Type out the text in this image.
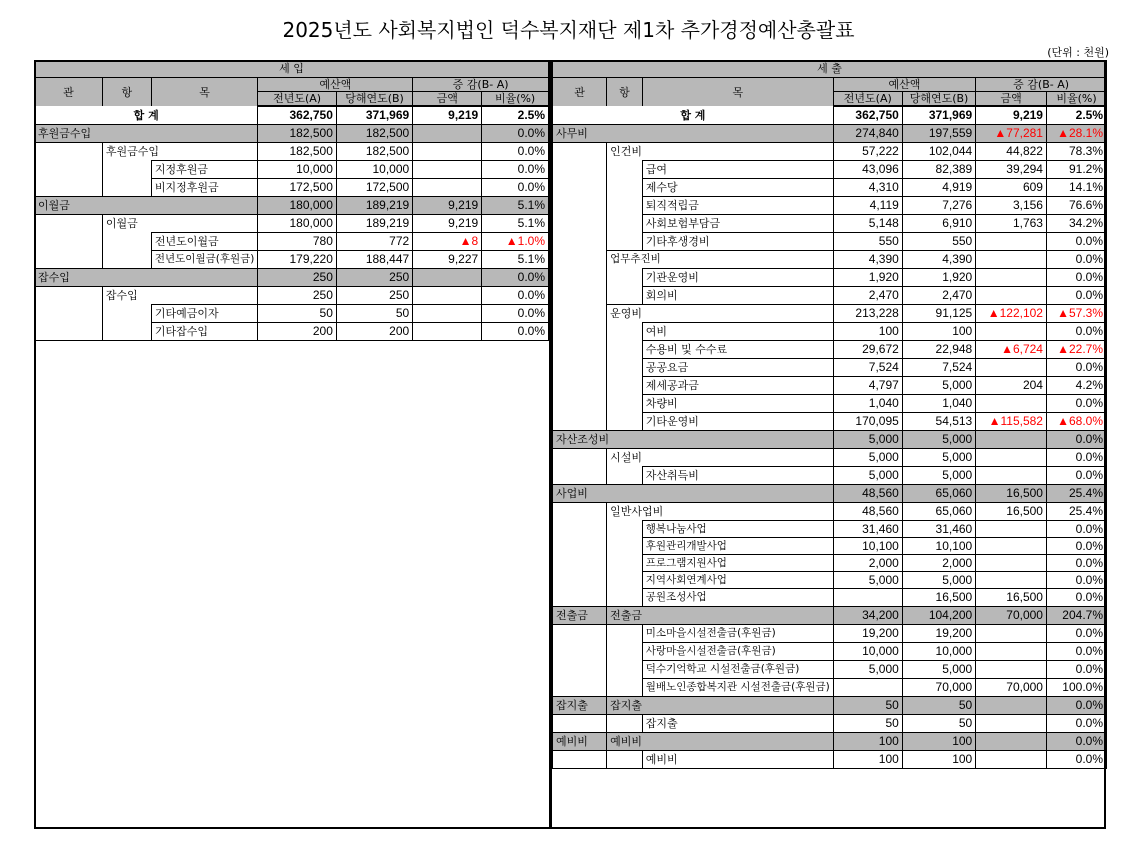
2025년도 사회복지법인 덕수복지재단 제1차 추가경정예산총괄표
(단위 : 천원)
세 입						
관	항	목	예산액		증 감(B- A)	
			전년도(A)	당해연도(B)	금액	비율(%)
합 계			362,750	371,969	9,219	2.5%
후원금수입			182,500	182,500		0.0%
	후원금수입		182,500	182,500		0.0%
		지정후원금	10,000	10,000		0.0%
		비지정후원금	172,500	172,500		0.0%
이월금			180,000	189,219	9,219	5.1%
	이월금		180,000	189,219	9,219	5.1%
		전년도이월금	780	772	▲8	▲1.0%
		전년도이월금(후원금)	179,220	188,447	9,227	5.1%
잡수입			250	250		0.0%
	잡수입		250	250		0.0%
		기타예금이자	50	50		0.0%
		기타잡수입	200	200		0.0%
세 출						
관	항	목	예산액		증 감(B- A)	
			전년도(A)	당해연도(B)	금액	비율(%)
합 계			362,750	371,969	9,219	2.5%
사무비			274,840	197,559	▲77,281	▲28.1%
	인건비		57,222	102,044	44,822	78.3%
		급여	43,096	82,389	39,294	91.2%
		제수당	4,310	4,919	609	14.1%
		퇴직적립금	4,119	7,276	3,156	76.6%
		사회보험부담금	5,148	6,910	1,763	34.2%
		기타후생경비	550	550		0.0%
	업무추진비		4,390	4,390		0.0%
		기관운영비	1,920	1,920		0.0%
		회의비	2,470	2,470		0.0%
	운영비		213,228	91,125	▲122,102	▲57.3%
		여비	100	100		0.0%
		수용비 및 수수료	29,672	22,948	▲6,724	▲22.7%
		공공요금	7,524	7,524		0.0%
		제세공과금	4,797	5,000	204	4.2%
		차량비	1,040	1,040		0.0%
		기타운영비	170,095	54,513	▲115,582	▲68.0%
자산조성비			5,000	5,000		0.0%
	시설비		5,000	5,000		0.0%
		자산취득비	5,000	5,000		0.0%
사업비			48,560	65,060	16,500	25.4%
	일반사업비		48,560	65,060	16,500	25.4%
		행복나눔사업	31,460	31,460		0.0%
		후원관리개발사업	10,100	10,100		0.0%
		프로그램지원사업	2,000	2,000		0.0%
		지역사회연계사업	5,000	5,000		0.0%
		공원조성사업		16,500	16,500	0.0%
전출금	전출금		34,200	104,200	70,000	204.7%
		미소마을시설전출금(후원금)	19,200	19,200		0.0%
		사랑마을시설전출금(후원금)	10,000	10,000		0.0%
		덕수기억학교 시설전출금(후원금)	5,000	5,000		0.0%
		월배노인종합복지관 시설전출금(후원금)		70,000	70,000	100.0%
잡지출	잡지출		50	50		0.0%
		잡지출	50	50		0.0%
예비비	예비비		100	100		0.0%
		예비비	100	100		0.0%
